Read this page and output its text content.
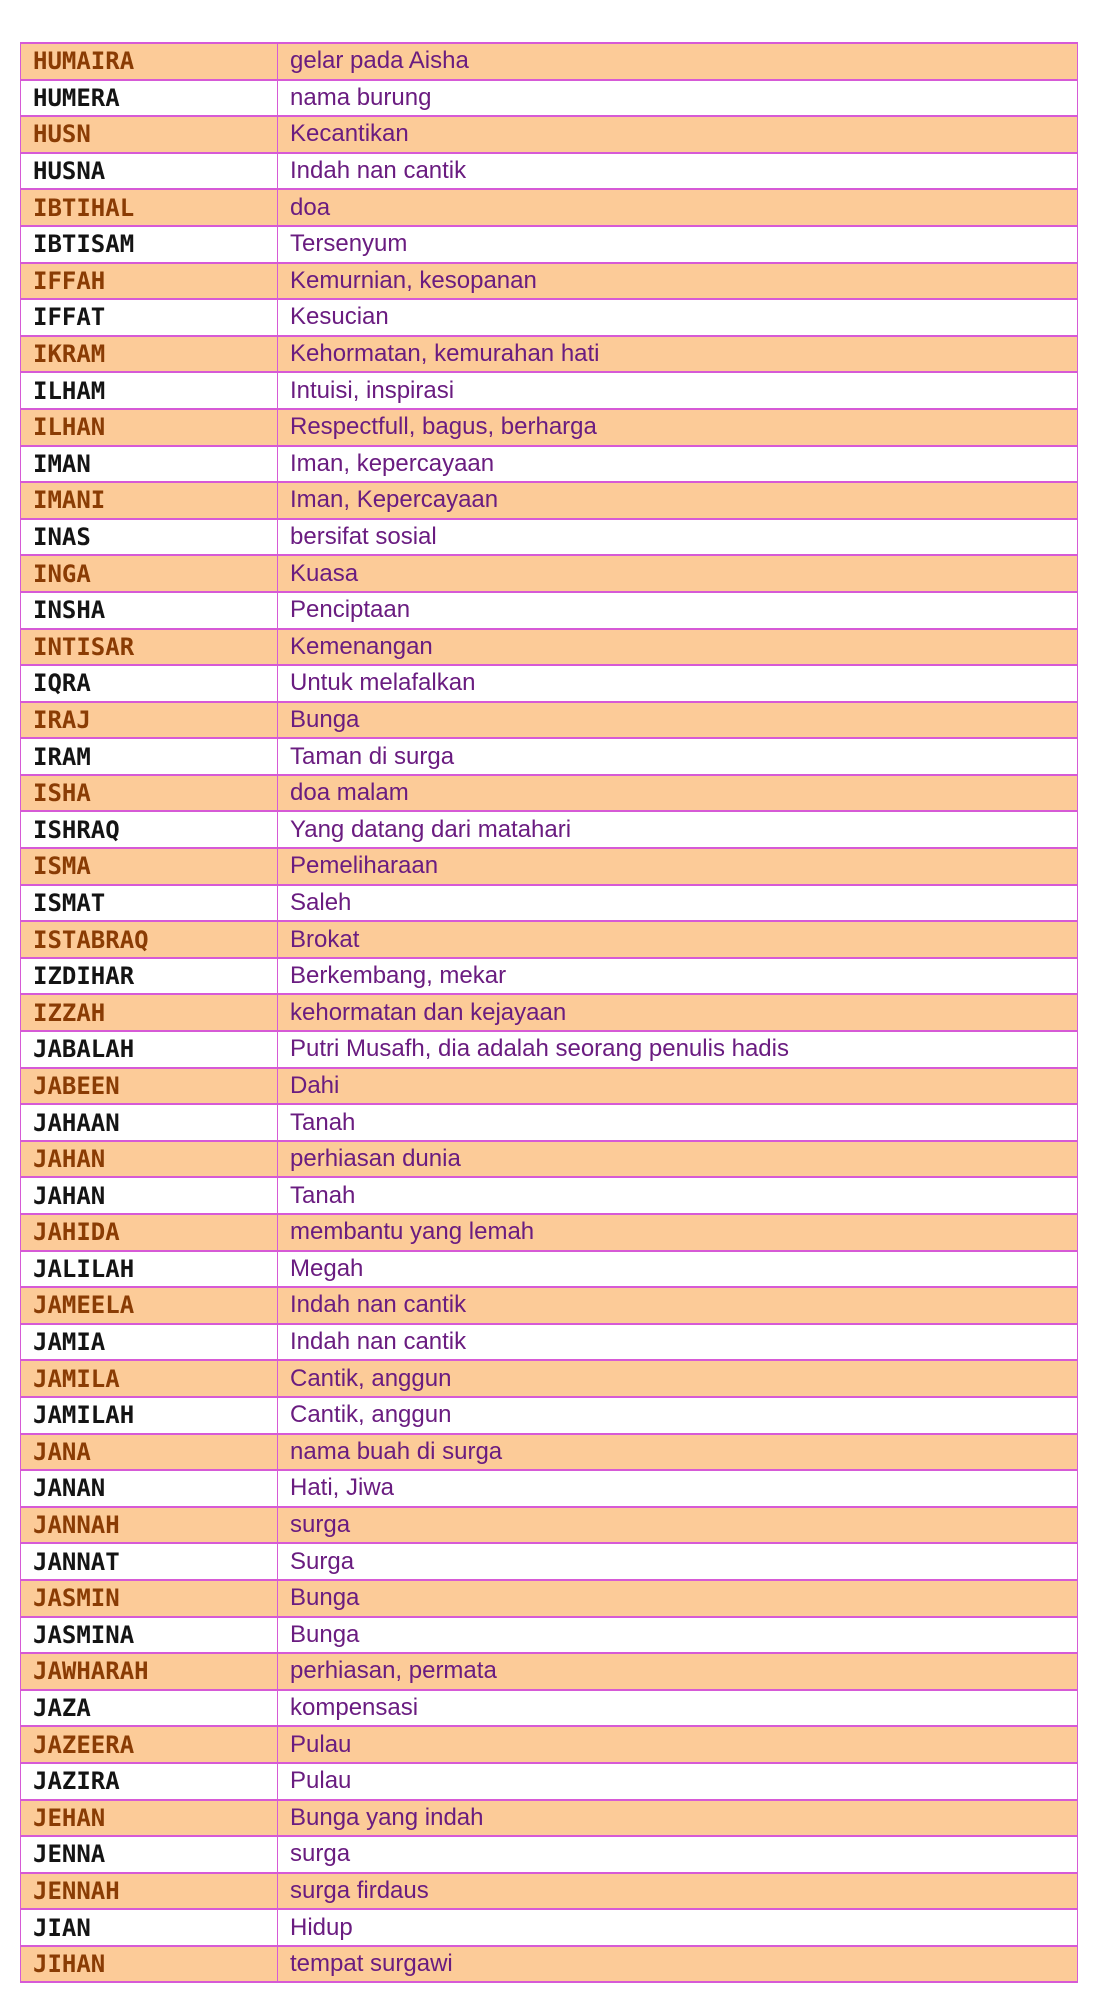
HUMAIRA	gelar pada Aisha
HUMERA	nama burung
HUSN	Kecantikan
HUSNA	Indah nan cantik
IBTIHAL	doa
IBTISAM	Tersenyum
IFFAH	Kemurnian, kesopanan
IFFAT	Kesucian
IKRAM	Kehormatan, kemurahan hati
ILHAM	Intuisi, inspirasi
ILHAN	Respectfull, bagus, berharga
IMAN	Iman, kepercayaan
IMANI	Iman, Kepercayaan
INAS	bersifat sosial
INGA	Kuasa
INSHA	Penciptaan
INTISAR	Kemenangan
IQRA	Untuk melafalkan
IRAJ	Bunga
IRAM	Taman di surga
ISHA	doa malam
ISHRAQ	Yang datang dari matahari
ISMA	Pemeliharaan
ISMAT	Saleh
ISTABRAQ	Brokat
IZDIHAR	Berkembang, mekar
IZZAH	kehormatan dan kejayaan
JABALAH	Putri Musafh, dia adalah seorang penulis hadis
JABEEN	Dahi
JAHAAN	Tanah
JAHAN	perhiasan dunia
JAHAN	Tanah
JAHIDA	membantu yang lemah
JALILAH	Megah
JAMEELA	Indah nan cantik
JAMIA	Indah nan cantik
JAMILA	Cantik, anggun
JAMILAH	Cantik, anggun
JANA	nama buah di surga
JANAN	Hati, Jiwa
JANNAH	surga
JANNAT	Surga
JASMIN	Bunga
JASMINA	Bunga
JAWHARAH	perhiasan, permata
JAZA	kompensasi
JAZEERA	Pulau
JAZIRA	Pulau
JEHAN	Bunga yang indah
JENNA	surga
JENNAH	surga firdaus
JIAN	Hidup
JIHAN	tempat surgawi
